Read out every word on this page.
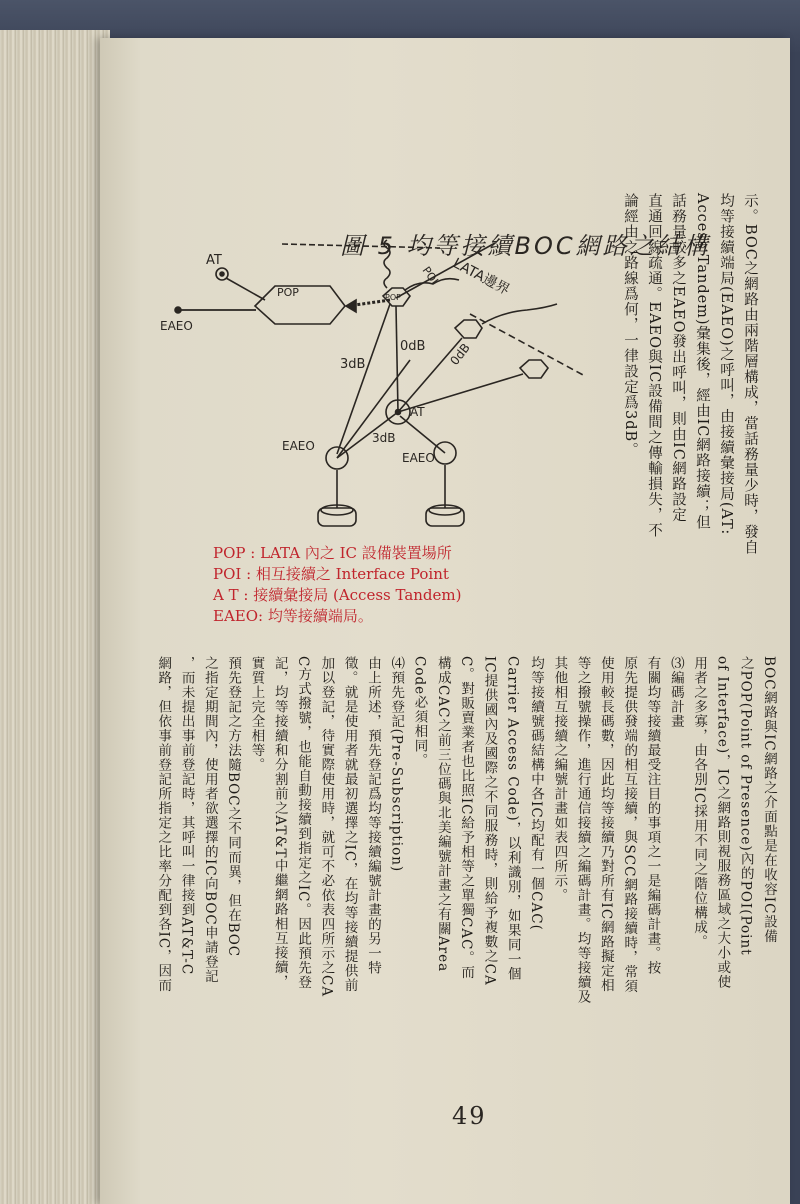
圖 5 均等接續BOC網路之結構
AT
POP
EAEO
POP
POI LATA邊界
0dB 0dB
3dB
3dB
AT
EAEO
EAEO
POP : LATA 內之 IC 設備裝置場所
POI : 相互接續之 Interface Point
A T : 接續彙接局 (Access Tandem)
EAEO: 均等接續端局。
示。BOC之網路由兩階層構成，當話務量少時，發自
均等接續端局(EAEO)之呼叫，由接續彙接局(AT:
Access Tandem)彙集後，經由IC網路接續；但
話務量較多之EAEO發出呼叫，則由IC網路設定
直通回線疏通。EAEO與IC設備間之傳輸損失，不
論經由之路線爲何，一律設定爲3dB。
BOC網路與IC網路之介面點是在收容IC設備
之POP(Point of Presence)內的POI(Point
of Interface)，IC之網路則視服務區域之大小或使
用者之多寡，由各別IC採用不同之階位構成。
⑶編碼計畫
有關均等接續最受注目的事項之一是編碼計畫。按
原先提供發端的相互接續，與SCC網路接續時，常須
使用較長碼數，因此均等接續乃對所有IC網路擬定相
等之撥號操作，進行通信接續之編碼計畫。均等接續及
其他相互接續之編號計畫如表四所示。
均等接續號碼結構中各IC均配有一個CAC(
Carrier Access Code)，以利識別，如果同一個
IC提供國內及國際之不同服務時，則給予複數之CA
C。對販賣業者也比照IC給予相等之單獨CAC。而
構成CAC之前三位碼與北美編號計畫之有關Area
Code必須相同。
⑷預先登記(Pre-Subscription)
由上所述，預先登記爲均等接續編號計畫的另一特
徵。就是使用者就最初選擇之IC，在均等接續提供前
加以登記，待實際使用時，就可不必依表四所示之CA
C方式撥號，也能自動接續到指定之IC。因此預先登
記，均等接續和分割前之AT&T中繼網路相互接續，
實質上完全相等。
預先登記之方法隨BOC之不同而異，但在BOC
之指定期間內，使用者欲選擇的IC向BOC申請登記
，而未提出事前登記時，其呼叫一律接到AT&T-C
網路，但依事前登記所指定之比率分配到各IC，因而
49
